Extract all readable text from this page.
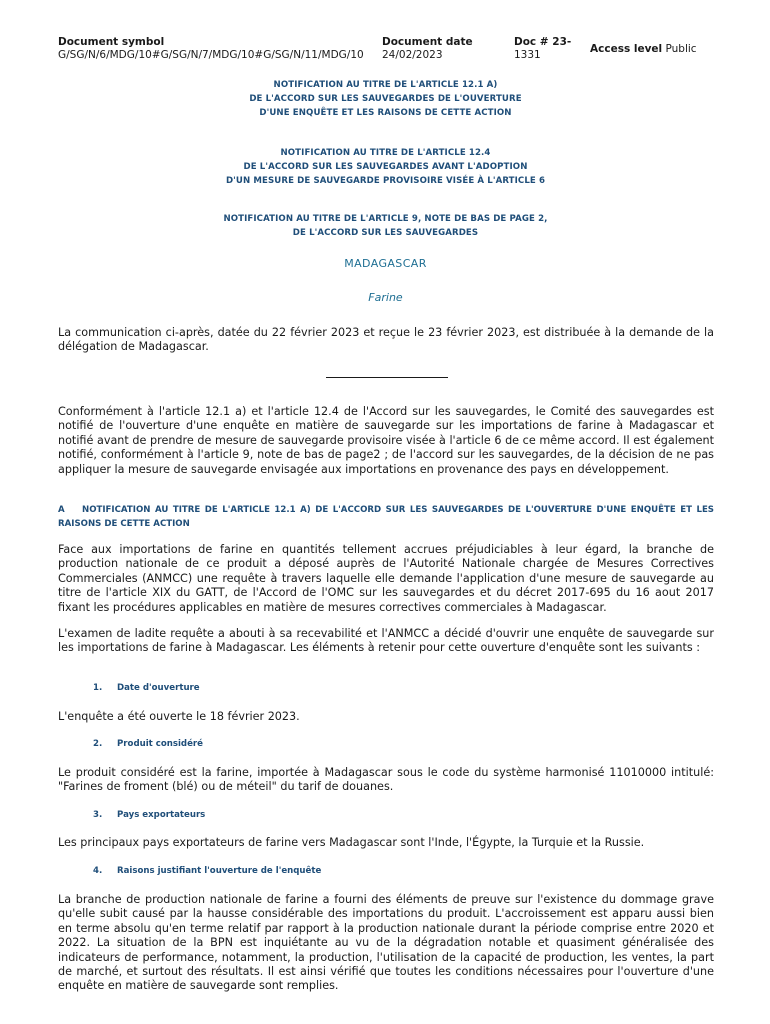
Document symbol
G/SG/N/6/MDG/10#G/SG/N/7/MDG/10#G/SG/N/11/MDG/10
Document date
24/02/2023
Doc # 23-
1331	Access level Public
NOTIFICATION AU TITRE DE L'ARTICLE 12.1 A)
DE L'ACCORD SUR LES SAUVEGARDES DE L'OUVERTURE
D'UNE ENQUÊTE ET LES RAISONS DE CETTE ACTION
NOTIFICATION AU TITRE DE L'ARTICLE 12.4
DE L'ACCORD SUR LES SAUVEGARDES AVANT L'ADOPTION
D'UN MESURE DE SAUVEGARDE PROVISOIRE VISÉE À L'ARTICLE 6
NOTIFICATION AU TITRE DE L'ARTICLE 9, NOTE DE BAS DE PAGE 2,
DE L'ACCORD SUR LES SAUVEGARDES
MADAGASCAR
Farine
La communication ci-après, datée du 22 février 2023 et reçue le 23 février 2023, est distribuée à la demande de la délégation de Madagascar.
Conformément à l'article 12.1 a) et l'article 12.4 de l'Accord sur les sauvegardes, le Comité des sauvegardes est notifié de l'ouverture d'une enquête en matière de sauvegarde sur les importations de farine à Madagascar et notifié avant de prendre de mesure de sauvegarde provisoire visée à l'article 6 de ce même accord. Il est également notifié, conformément à l'article 9, note de bas de page2 ; de l'accord sur les sauvegardes, de la décision de ne pas appliquer la mesure de sauvegarde envisagée aux importations en provenance des pays en développement.
A NOTIFICATION AU TITRE DE L'ARTICLE 12.1 A) DE L'ACCORD SUR LES SAUVEGARDES DE L'OUVERTURE D'UNE ENQUÊTE ET LES RAISONS DE CETTE ACTION
Face aux importations de farine en quantités tellement accrues préjudiciables à leur égard, la branche de production nationale de ce produit a déposé auprès de l'Autorité Nationale chargée de Mesures Correctives Commerciales (ANMCC) une requête à travers laquelle elle demande l'application d'une mesure de sauvegarde au titre de l'article XIX du GATT, de l'Accord de l'OMC sur les sauvegardes et du décret 2017-695 du 16 aout 2017 fixant les procédures applicables en matière de mesures correctives commerciales à Madagascar.
L'examen de ladite requête a abouti à sa recevabilité et l'ANMCC a décidé d'ouvrir une enquête de sauvegarde sur les importations de farine à Madagascar. Les éléments à retenir pour cette ouverture d'enquête sont les suivants :
1. Date d'ouverture
L'enquête a été ouverte le 18 février 2023.
2. Produit considéré
Le produit considéré est la farine, importée à Madagascar sous le code du système harmonisé 11010000 intitulé: "Farines de froment (blé) ou de méteil" du tarif de douanes.
3. Pays exportateurs
Les principaux pays exportateurs de farine vers Madagascar sont l'Inde, l'Égypte, la Turquie et la Russie.
4. Raisons justifiant l'ouverture de l'enquête
La branche de production nationale de farine a fourni des éléments de preuve sur l'existence du dommage grave qu'elle subit causé par la hausse considérable des importations du produit. L'accroissement est apparu aussi bien en terme absolu qu'en terme relatif par rapport à la production nationale durant la période comprise entre 2020 et 2022. La situation de la BPN est inquiétante au vu de la dégradation notable et quasiment généralisée des indicateurs de performance, notamment, la production, l'utilisation de la capacité de production, les ventes, la part de marché, et surtout des résultats. Il est ainsi vérifié que toutes les conditions nécessaires pour l'ouverture d'une enquête en matière de sauvegarde sont remplies.
